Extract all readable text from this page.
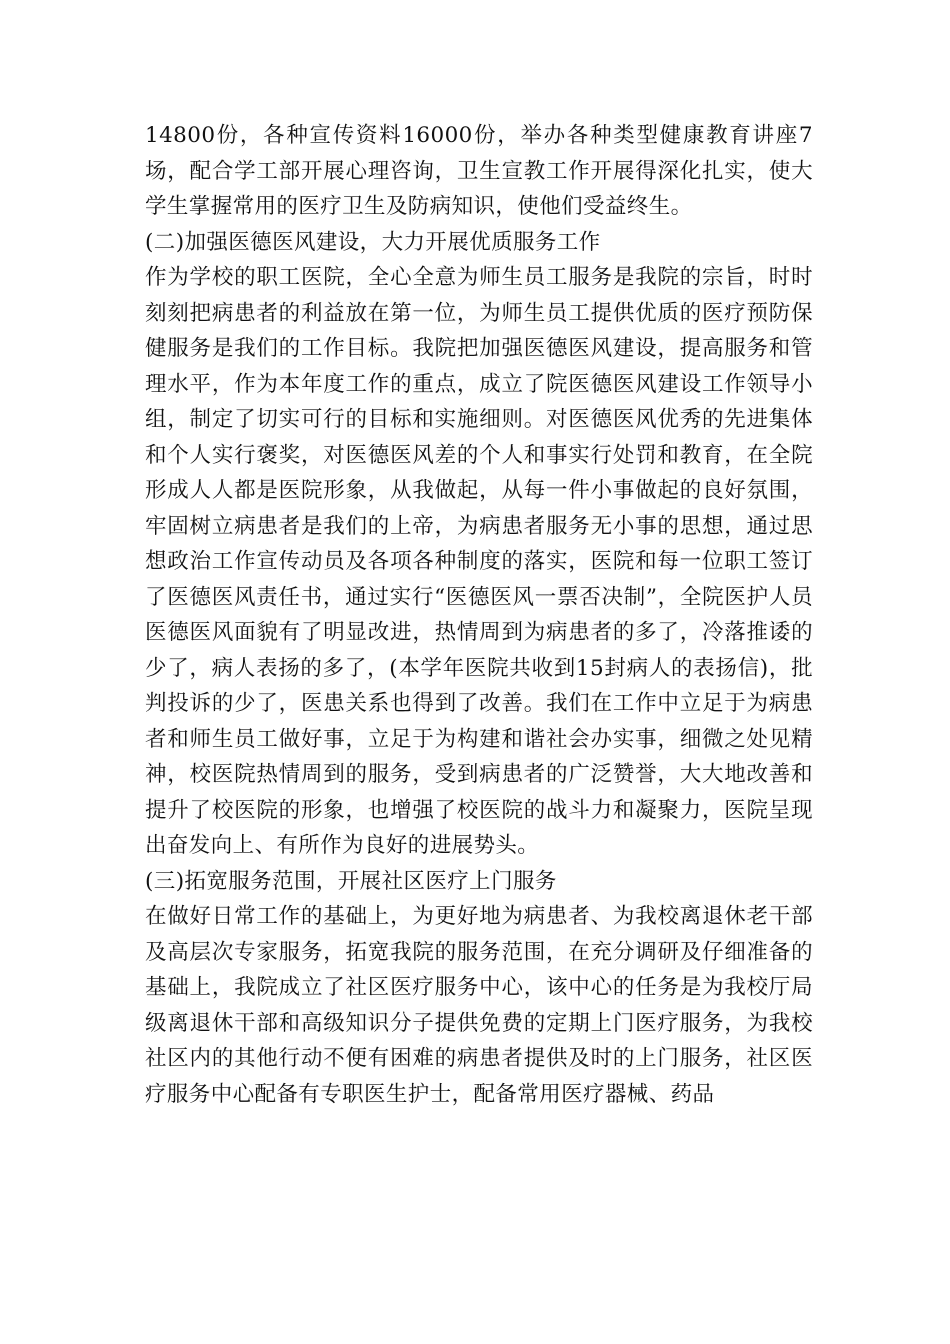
14800份，各种宣传资料16000份，举办各种类型健康教育讲座7场，配合学工部开展心理咨询，卫生宣教工作开展得深化扎实，使大学生掌握常用的医疗卫生及防病知识，使他们受益终生。

(二)加强医德医风建设，大力开展优质服务工作

作为学校的职工医院，全心全意为师生员工服务是我院的宗旨，时时刻刻把病患者的利益放在第一位，为师生员工提供优质的医疗预防保健服务是我们的工作目标。我院把加强医德医风建设，提高服务和管理水平，作为本年度工作的重点，成立了院医德医风建设工作领导小组，制定了切实可行的目标和实施细则。对医德医风优秀的先进集体和个人实行褒奖，对医德医风差的个人和事实行处罚和教育，在全院形成人人都是医院形象，从我做起，从每一件小事做起的良好氛围，牢固树立病患者是我们的上帝，为病患者服务无小事的思想，通过思想政治工作宣传动员及各项各种制度的落实，医院和每一位职工签订了医德医风责任书，通过实行“医德医风一票否决制”，全院医护人员医德医风面貌有了明显改进，热情周到为病患者的多了，冷落推诿的少了，病人表扬的多了，(本学年医院共收到15封病人的表扬信)，批判投诉的少了，医患关系也得到了改善。我们在工作中立足于为病患者和师生员工做好事，立足于为构建和谐社会办实事，细微之处见精神，校医院热情周到的服务，受到病患者的广泛赞誉，大大地改善和提升了校医院的形象，也增强了校医院的战斗力和凝聚力，医院呈现出奋发向上、有所作为良好的进展势头。

(三)拓宽服务范围，开展社区医疗上门服务

在做好日常工作的基础上，为更好地为病患者、为我校离退休老干部及高层次专家服务，拓宽我院的服务范围，在充分调研及仔细准备的基础上，我院成立了社区医疗服务中心，该中心的任务是为我校厅局级离退休干部和高级知识分子提供免费的定期上门医疗服务，为我校社区内的其他行动不便有困难的病患者提供及时的上门服务，社区医疗服务中心配备有专职医生护士，配备常用医疗器械、药品
